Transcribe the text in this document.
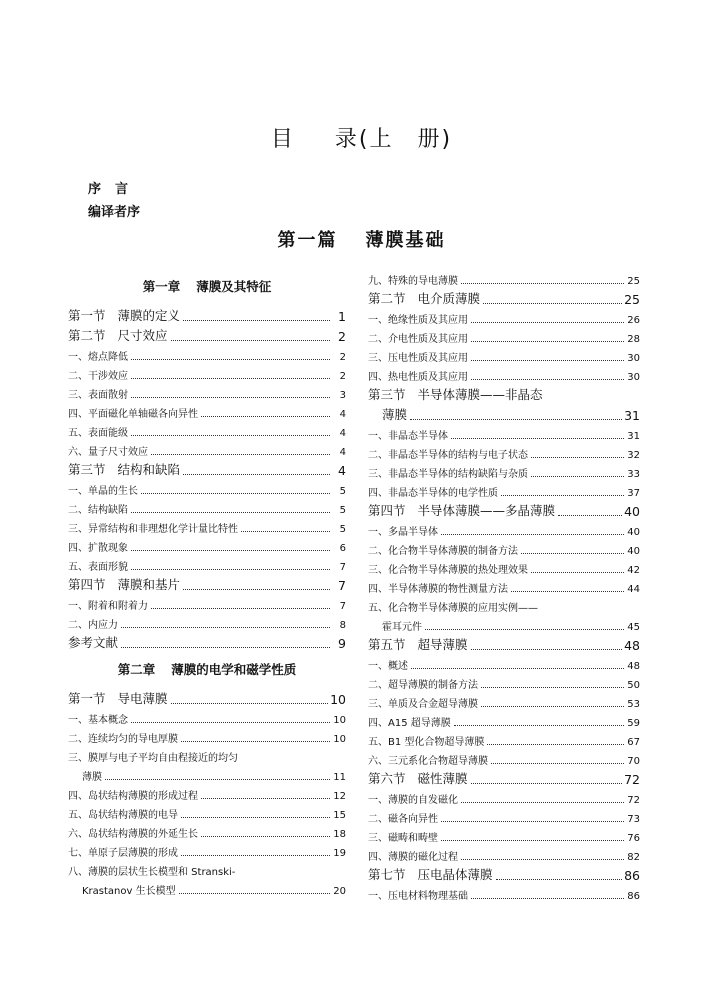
目 录(上　册)
序言
编译者序
第一篇 薄膜基础
第一章 薄膜及其特征
第一节 薄膜的定义	1
第二节 尺寸效应	2
一、熔点降低	2
二、干涉效应	2
三、表面散射	3
四、平面磁化单轴磁各向异性	4
五、表面能级	4
六、量子尺寸效应	4
第三节 结构和缺陷	4
一、单晶的生长	5
二、结构缺陷	5
三、异常结构和非理想化学计量比特性	5
四、扩散现象	6
五、表面形貌	7
第四节 薄膜和基片	7
一、附着和附着力	7
二、内应力	8
参考文献	9
第二章 薄膜的电学和磁学性质
第一节 导电薄膜	10
一、基本概念	10
二、连续均匀的导电厚膜	10
三、膜厚与电子平均自由程接近的均匀
薄膜	11
四、岛状结构薄膜的形成过程	12
五、岛状结构薄膜的电导	15
六、岛状结构薄膜的外延生长	18
七、单原子层薄膜的形成	19
八、薄膜的层状生长模型和 Stranski-
Krastanov 生长模型	20
九、特殊的导电薄膜	25
第二节 电介质薄膜	25
一、绝缘性质及其应用	26
二、介电性质及其应用	28
三、压电性质及其应用	30
四、热电性质及其应用	30
第三节 半导体薄膜——非晶态
薄膜	31
一、非晶态半导体	31
二、非晶态半导体的结构与电子状态	32
三、非晶态半导体的结构缺陷与杂质	33
四、非晶态半导体的电学性质	37
第四节 半导体薄膜——多晶薄膜	40
一、多晶半导体	40
二、化合物半导体薄膜的制备方法	40
三、化合物半导体薄膜的热处理效果	42
四、半导体薄膜的物性测量方法	44
五、化合物半导体薄膜的应用实例——
霍耳元件	45
第五节 超导薄膜	48
一、概述	48
二、超导薄膜的制备方法	50
三、单质及合金超导薄膜	53
四、A15 超导薄膜	59
五、B1 型化合物超导薄膜	67
六、三元系化合物超导薄膜	70
第六节 磁性薄膜	72
一、薄膜的自发磁化	72
二、磁各向异性	73
三、磁畴和畴壁	76
四、薄膜的磁化过程	82
第七节 压电晶体薄膜	86
一、压电材料物理基础	86
